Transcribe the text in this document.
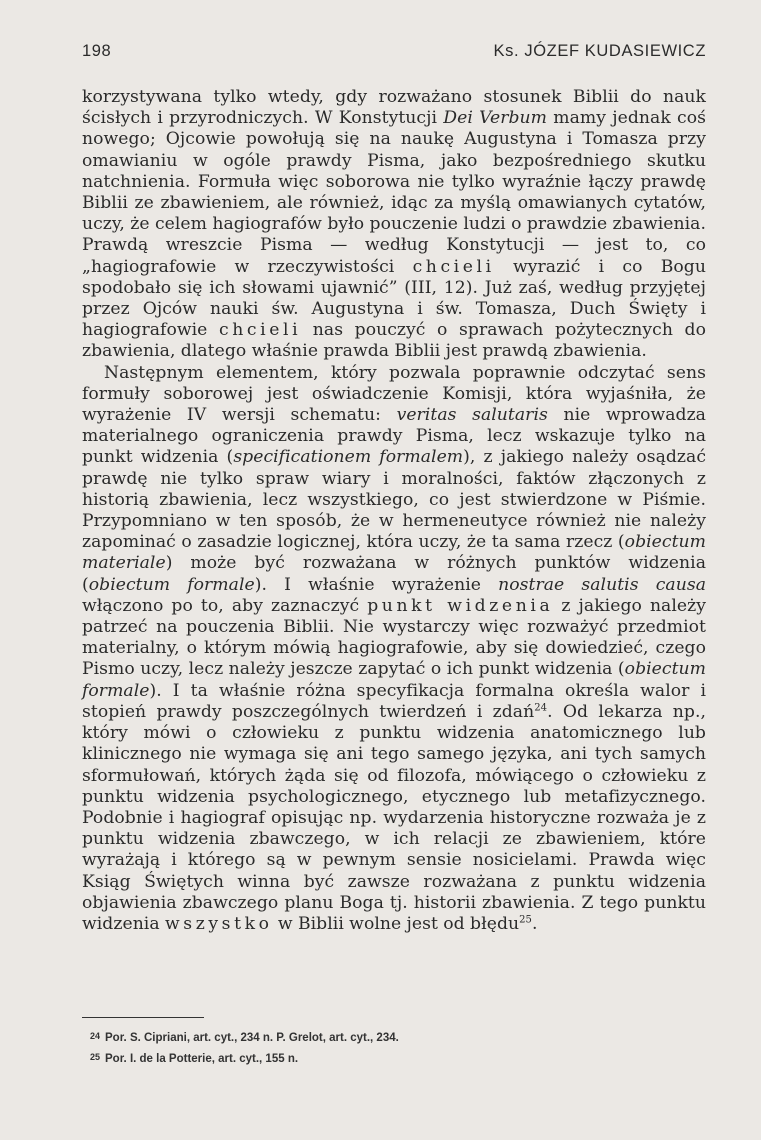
198	Ks. JÓZEF KUDASIEWICZ

korzystywana tylko wtedy, gdy rozważano stosunek Biblii do nauk ścisłych i przyrodniczych. W Konstytucji Dei Verbum mamy jednak coś nowego; Ojcowie powołują się na naukę Augustyna i Tomasza przy omawianiu w ogóle prawdy Pisma, jako bezpośredniego skutku natchnienia. Formuła więc soborowa nie tylko wyraźnie łączy prawdę Biblii ze zbawieniem, ale również, idąc za myślą omawianych cytatów, uczy, że celem hagiografów było pouczenie ludzi o prawdzie zbawienia. Prawdą wreszcie Pisma — według Konstytucji — jest to, co „hagiografowie w rzeczywistości chcieli wyrazić i co Bogu spodobało się ich słowami ujawnić” (III, 12). Już zaś, według przyjętej przez Ojców nauki św. Augustyna i św. Tomasza, Duch Święty i hagiografowie chcieli nas pouczyć o sprawach pożytecznych do zbawienia, dlatego właśnie prawda Biblii jest prawdą zbawienia.

Następnym elementem, który pozwala poprawnie odczytać sens formuły soborowej jest oświadczenie Komisji, która wyjaśniła, że wyrażenie IV wersji schematu: veritas salutaris nie wprowadza materialnego ograniczenia prawdy Pisma, lecz wskazuje tylko na punkt widzenia (specificationem formalem), z jakiego należy osądzać prawdę nie tylko spraw wiary i moralności, faktów złączonych z historią zbawienia, lecz wszystkiego, co jest stwierdzone w Piśmie. Przypomniano w ten sposób, że w hermeneutyce również nie należy zapominać o zasadzie logicznej, która uczy, że ta sama rzecz (obiectum materiale) może być rozważana w różnych punktów widzenia (obiectum formale). I właśnie wyrażenie nostrae salutis causa włączono po to, aby zaznaczyć punkt widzenia z jakiego należy patrzeć na pouczenia Biblii. Nie wystarczy więc rozważyć przedmiot materialny, o którym mówią hagiografowie, aby się dowiedzieć, czego Pismo uczy, lecz należy jeszcze zapytać o ich punkt widzenia (obiectum formale). I ta właśnie różna specyfikacja formalna określa walor i stopień prawdy poszczególnych twierdzeń i zdań$^{24}$. Od lekarza np., który mówi o człowieku z punktu widzenia anatomicznego lub klinicznego nie wymaga się ani tego samego języka, ani tych samych sformułowań, których żąda się od filozofa, mówiącego o człowieku z punktu widzenia psychologicznego, etycznego lub metafizycznego. Podobnie i hagiograf opisując np. wydarzenia historyczne rozważa je z punktu widzenia zbawczego, w ich relacji ze zbawieniem, które wyrażają i którego są w pewnym sensie nosicielami. Prawda więc Ksiąg Świętych winna być zawsze rozważana z punktu widzenia objawienia zbawczego planu Boga tj. historii zbawienia. Z tego punktu widzenia wszystko w Biblii wolne jest od błędu$^{25}$.

24 Por. S. Cipriani, art. cyt., 234 n. P. Grelot, art. cyt., 234.

25 Por. I. de la Potterie, art. cyt., 155 n.
